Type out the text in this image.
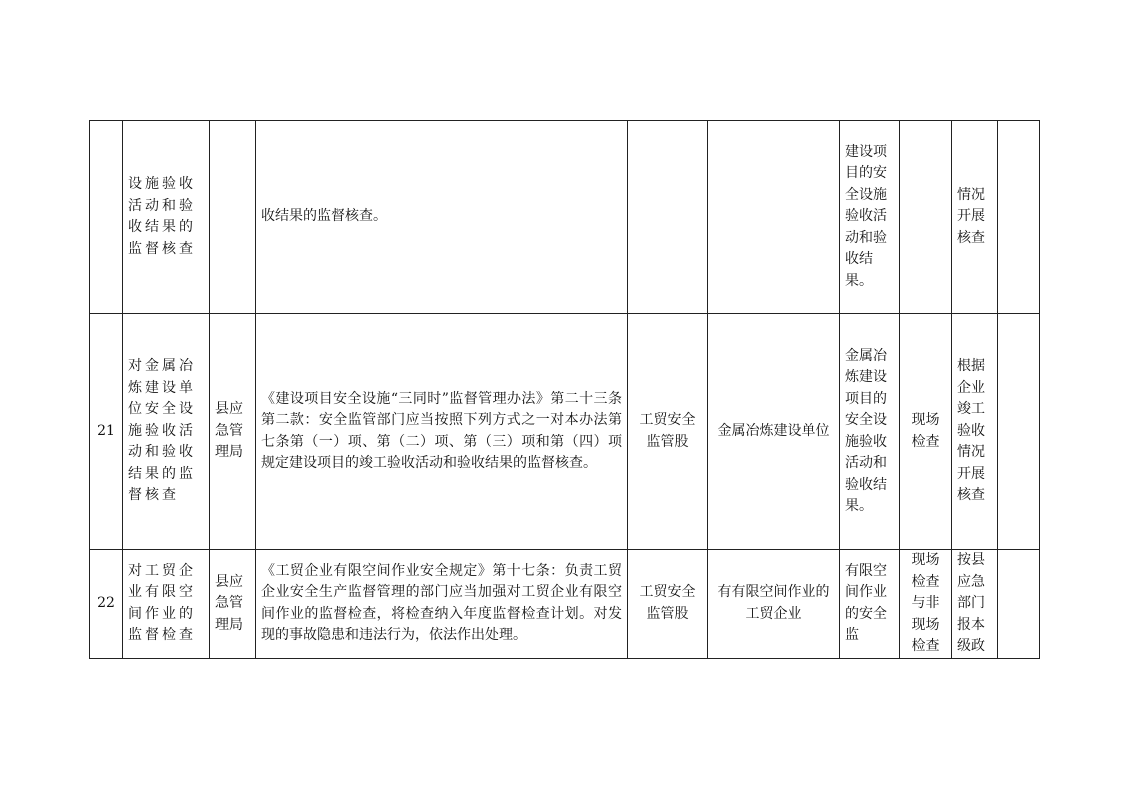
	设施验收活动和验收结果的监督核查		收结果的监督核查。			建设项目的安全设施验收活动和验收结果。		情况开展核查	
21	对金属冶炼建设单位安全设施验收活动和验收结果的监督核查	县应急管理局	《建设项目安全设施“三同时”监督管理办法》第二十三条第二款：安全监管部门应当按照下列方式之一对本办法第七条第（一）项、第（二）项、第（三）项和第（四）项规定建设项目的竣工验收活动和验收结果的监督核查。	工贸安全监管股	金属冶炼建设单位	金属冶炼建设项目的安全设施验收活动和验收结果。	现场检查	根据企业竣工验收情况开展核查	
22	对工贸企业有限空间作业的监督检查	县应急管理局	《工贸企业有限空间作业安全规定》第十七条：负责工贸企业安全生产监督管理的部门应当加强对工贸企业有限空间作业的监督检查，将检查纳入年度监督检查计划。对发现的事故隐患和违法行为，依法作出处理。	工贸安全监管股	有有限空间作业的工贸企业	有限空间作业的安全监	现场检查与非现场检查	按县应急部门报本级政	
